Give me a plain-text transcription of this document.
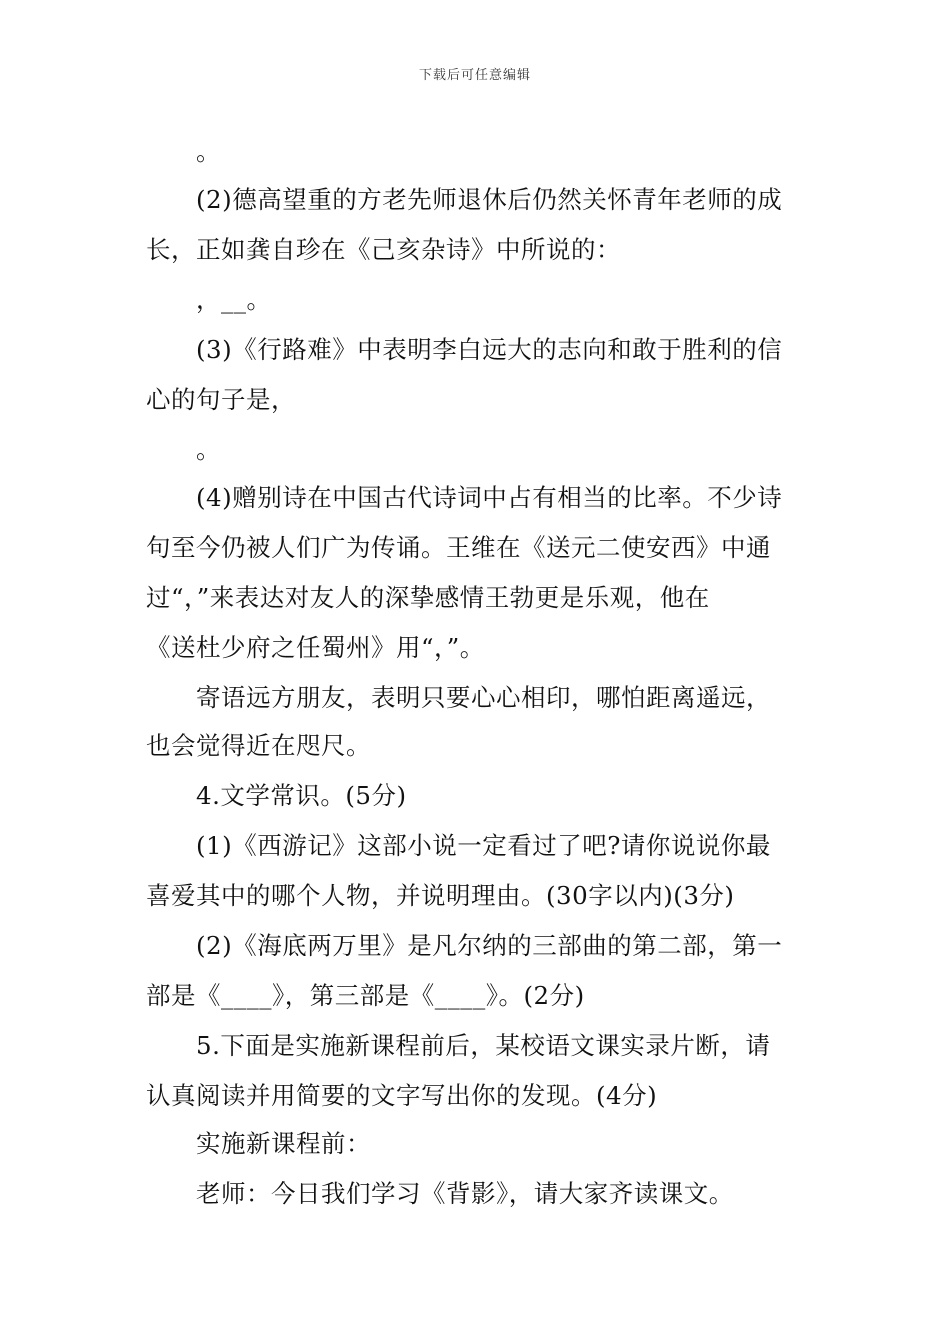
下载后可任意编辑
。
(2)德高望重的方老先师退休后仍然关怀青年老师的成
长，正如龚自珍在《己亥杂诗》中所说的：
，__。
(3)《行路难》中表明李白远大的志向和敢于胜利的信
心的句子是，
。
(4)赠别诗在中国古代诗词中占有相当的比率。不少诗
句至今仍被人们广为传诵。王维在《送元二使安西》中通
过“，”来表达对友人的深挚感情王勃更是乐观，他在
《送杜少府之任蜀州》用“，”。
寄语远方朋友，表明只要心心相印，哪怕距离遥远，
也会觉得近在咫尺。
4.文学常识。(5分)
(1)《西游记》这部小说一定看过了吧?请你说说你最
喜爱其中的哪个人物，并说明理由。(30字以内)(3分)
(2)《海底两万里》是凡尔纳的三部曲的第二部，第一
部是《____》，第三部是《____》。(2分)
5.下面是实施新课程前后，某校语文课实录片断，请
认真阅读并用简要的文字写出你的发现。(4分)
实施新课程前：
老师：今日我们学习《背影》，请大家齐读课文。
